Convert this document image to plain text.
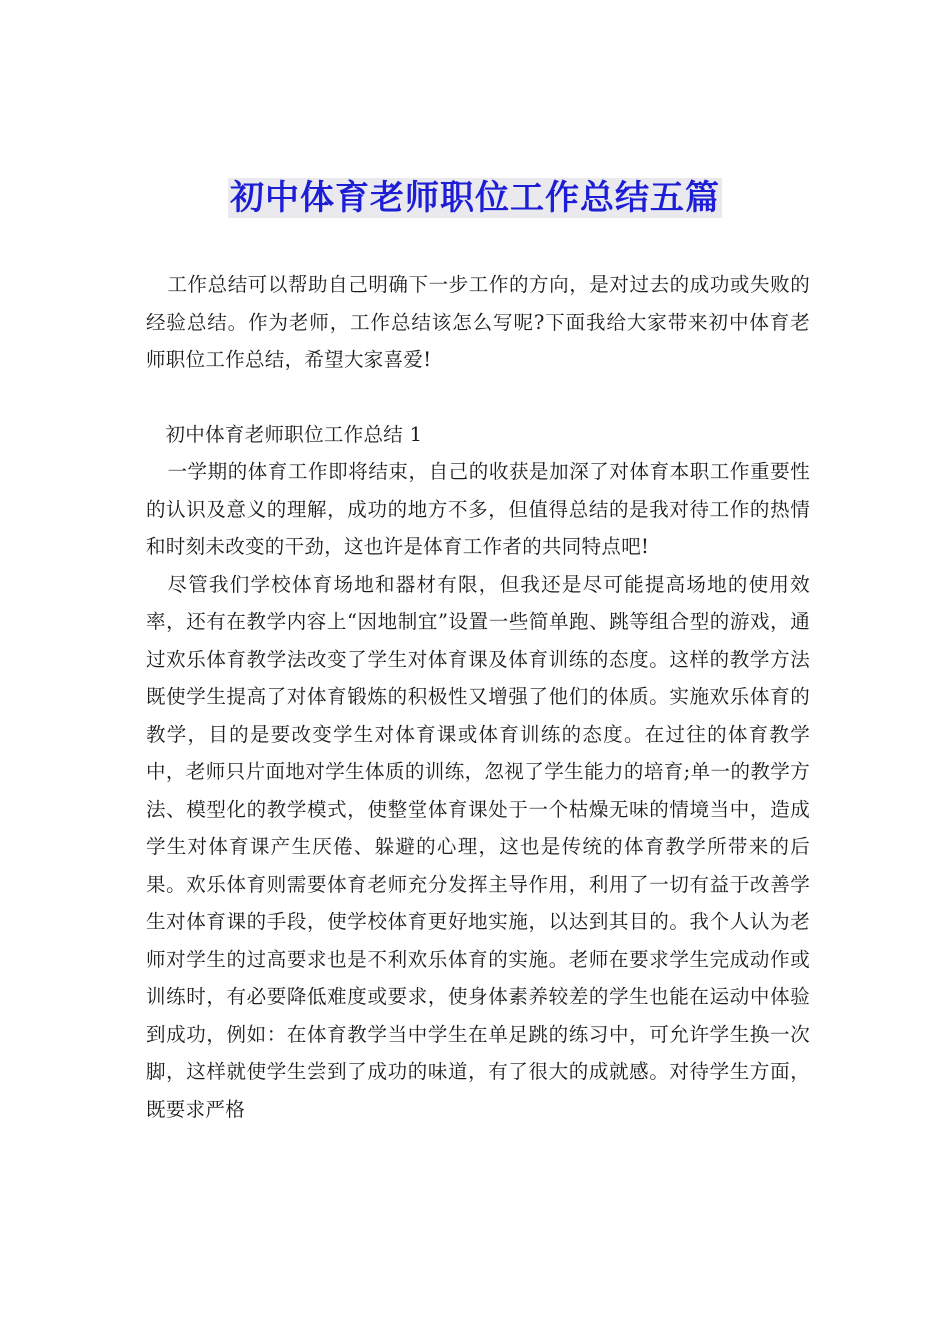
初中体育老师职位工作总结五篇

工作总结可以帮助自己明确下一步工作的方向，是对过去的成功或失败的经验总结。作为老师，工作总结该怎么写呢?下面我给大家带来初中体育老师职位工作总结，希望大家喜爱!

初中体育老师职位工作总结 1

一学期的体育工作即将结束，自己的收获是加深了对体育本职工作重要性的认识及意义的理解，成功的地方不多，但值得总结的是我对待工作的热情和时刻未改变的干劲，这也许是体育工作者的共同特点吧!

尽管我们学校体育场地和器材有限，但我还是尽可能提高场地的使用效率，还有在教学内容上“因地制宜”设置一些简单跑、跳等组合型的游戏，通过欢乐体育教学法改变了学生对体育课及体育训练的态度。这样的教学方法既使学生提高了对体育锻炼的积极性又增强了他们的体质。实施欢乐体育的教学，目的是要改变学生对体育课或体育训练的态度。在过往的体育教学中，老师只片面地对学生体质的训练，忽视了学生能力的培育;单一的教学方法、模型化的教学模式，使整堂体育课处于一个枯燥无味的情境当中，造成学生对体育课产生厌倦、躲避的心理，这也是传统的体育教学所带来的后果。欢乐体育则需要体育老师充分发挥主导作用，利用了一切有益于改善学生对体育课的手段，使学校体育更好地实施，以达到其目的。我个人认为老师对学生的过高要求也是不利欢乐体育的实施。老师在要求学生完成动作或训练时，有必要降低难度或要求，使身体素养较差的学生也能在运动中体验到成功，例如：在体育教学当中学生在单足跳的练习中，可允许学生换一次脚，这样就使学生尝到了成功的味道，有了很大的成就感。对待学生方面，既要求严格
